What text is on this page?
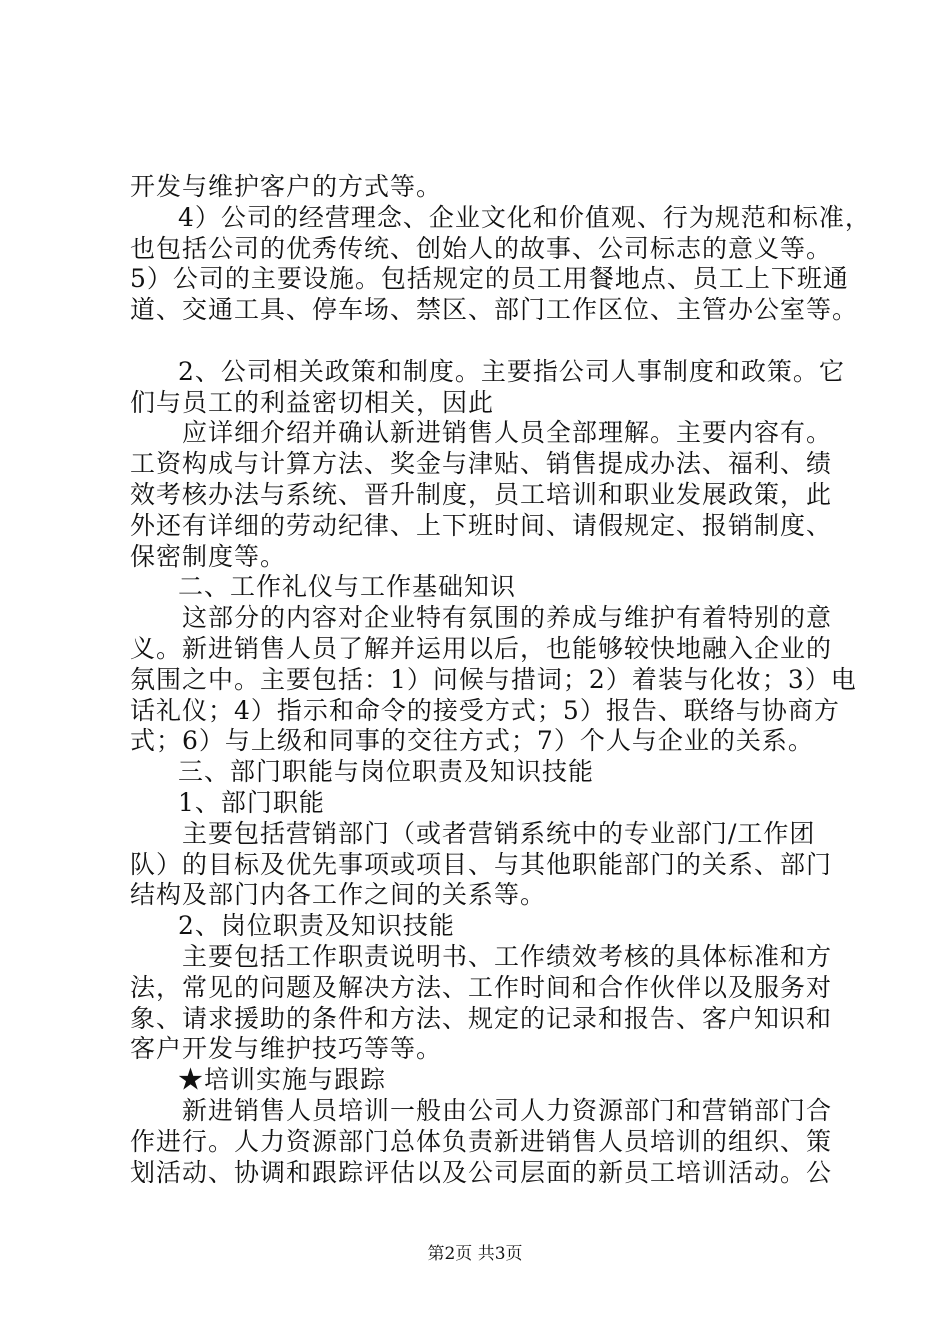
开发与维护客户的方式等。
4）公司的经营理念、企业文化和价值观、行为规范和标准，
也包括公司的优秀传统、创始人的故事、公司标志的意义等。
5）公司的主要设施。包括规定的员工用餐地点、员工上下班通
道、交通工具、停车场、禁区、部门工作区位、主管办公室等。
2、公司相关政策和制度。主要指公司人事制度和政策。它
们与员工的利益密切相关，因此
应详细介绍并确认新进销售人员全部理解。主要内容有。
工资构成与计算方法、奖金与津贴、销售提成办法、福利、绩
效考核办法与系统、晋升制度，员工培训和职业发展政策，此
外还有详细的劳动纪律、上下班时间、请假规定、报销制度、
保密制度等。
二、工作礼仪与工作基础知识
这部分的内容对企业特有氛围的养成与维护有着特别的意
义。新进销售人员了解并运用以后，也能够较快地融入企业的
氛围之中。主要包括：1）问候与措词；2）着装与化妆；3）电
话礼仪；4）指示和命令的接受方式；5）报告、联络与协商方
式；6）与上级和同事的交往方式；7）个人与企业的关系。
三、部门职能与岗位职责及知识技能
1、部门职能
主要包括营销部门（或者营销系统中的专业部门/工作团
队）的目标及优先事项或项目、与其他职能部门的关系、部门
结构及部门内各工作之间的关系等。
2、岗位职责及知识技能
主要包括工作职责说明书、工作绩效考核的具体标准和方
法，常见的问题及解决方法、工作时间和合作伙伴以及服务对
象、请求援助的条件和方法、规定的记录和报告、客户知识和
客户开发与维护技巧等等。
★培训实施与跟踪
新进销售人员培训一般由公司人力资源部门和营销部门合
作进行。人力资源部门总体负责新进销售人员培训的组织、策
划活动、协调和跟踪评估以及公司层面的新员工培训活动。公
第2页 共3页
